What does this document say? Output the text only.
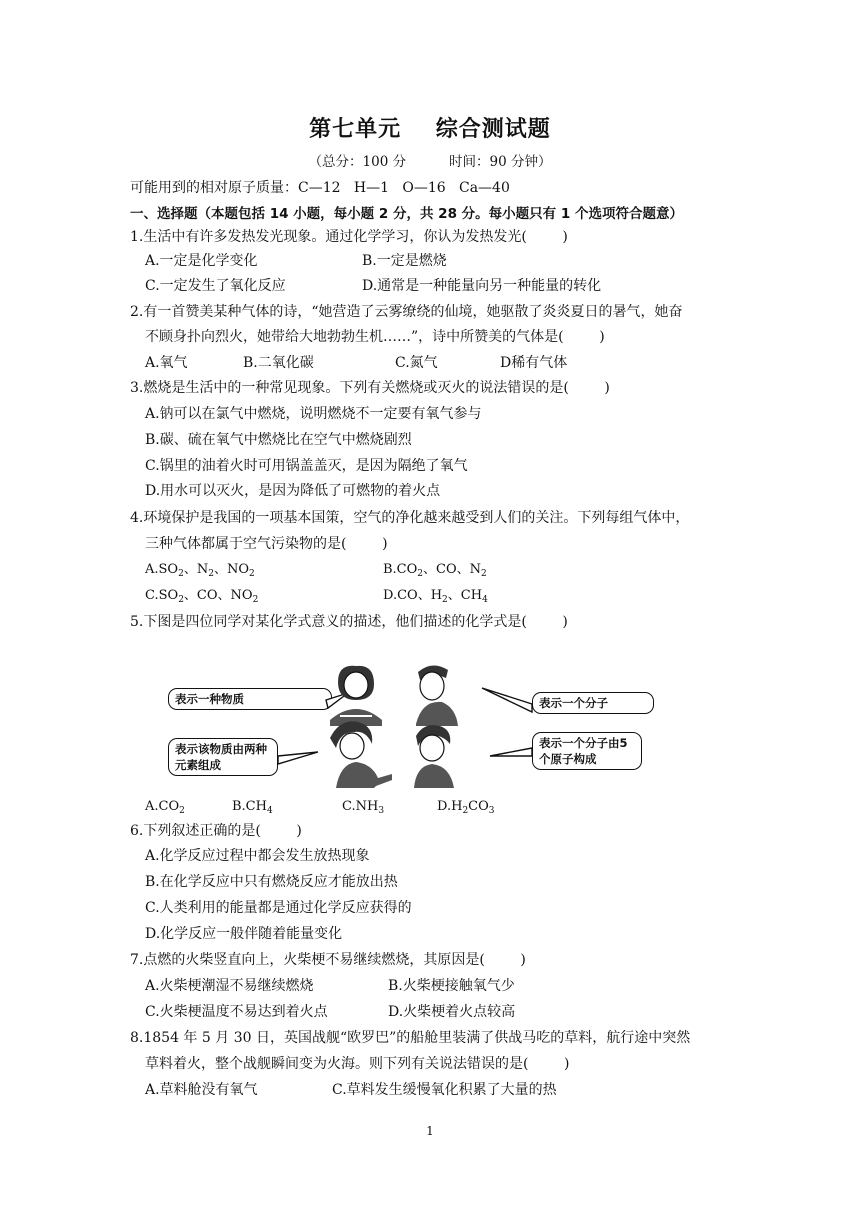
第七单元    综合测试题
（总分：100 分          时间：90 分钟）
可能用到的相对原子质量：C—12   H—1   O—16   Ca—40
一、选择题（本题包括 14 小题，每小题 2 分，共 28 分。每小题只有 1 个选项符合题意）
1.生活中有许多发热发光现象。通过化学学习，你认为发热发光(        )
A.一定是化学变化	B.一定是燃烧
C.一定发生了氧化反应	D.通常是一种能量向另一种能量的转化
2.有一首赞美某种气体的诗，“她营造了云雾缭绕的仙境，她驱散了炎炎夏日的暑气，她奋
不顾身扑向烈火，她带给大地勃勃生机……”，诗中所赞美的气体是(        )
A.氧气	B.二氧化碳	C.氮气	D稀有气体
3.燃烧是生活中的一种常见现象。下列有关燃烧或灭火的说法错误的是(        )
A.钠可以在氯气中燃烧，说明燃烧不一定要有氧气参与
B.碳、硫在氧气中燃烧比在空气中燃烧剧烈
C.锅里的油着火时可用锅盖盖灭，是因为隔绝了氧气
D.用水可以灭火，是因为降低了可燃物的着火点
4.环境保护是我国的一项基本国策，空气的净化越来越受到人们的关注。下列每组气体中，
三种气体都属于空气污染物的是(        )
$A.SO_2$、$N_2$、$NO_2$	$B.CO_2$、CO、$N_2$
$C.SO_2$、CO、$NO_2$	D.CO、$H_2$、$CH_4$
5.下图是四位同学对某化学式意义的描述，他们描述的化学式是(        )
表示一种物质	表示一个分子
表示该物质由两种元素组成
表示一个分子由5 个原子构成
$A.CO_2$	$B.CH_4$	$C.NH_3$	$D.H_2CO_3$
6.下列叙述正确的是(        )
A.化学反应过程中都会发生放热现象
B.在化学反应中只有燃烧反应才能放出热
C.人类利用的能量都是通过化学反应获得的
D.化学反应一般伴随着能量变化
7.点燃的火柴竖直向上，火柴梗不易继续燃烧，其原因是(        )
A.火柴梗潮湿不易继续燃烧	B.火柴梗接触氧气少
C.火柴梗温度不易达到着火点	D.火柴梗着火点较高
8.1854 年 5 月 30 日，英国战舰“欧罗巴”的船舱里装满了供战马吃的草料，航行途中突然
草料着火，整个战舰瞬间变为火海。则下列有关说法错误的是(        )
A.草料舱没有氧气	C.草料发生缓慢氧化积累了大量的热
1
